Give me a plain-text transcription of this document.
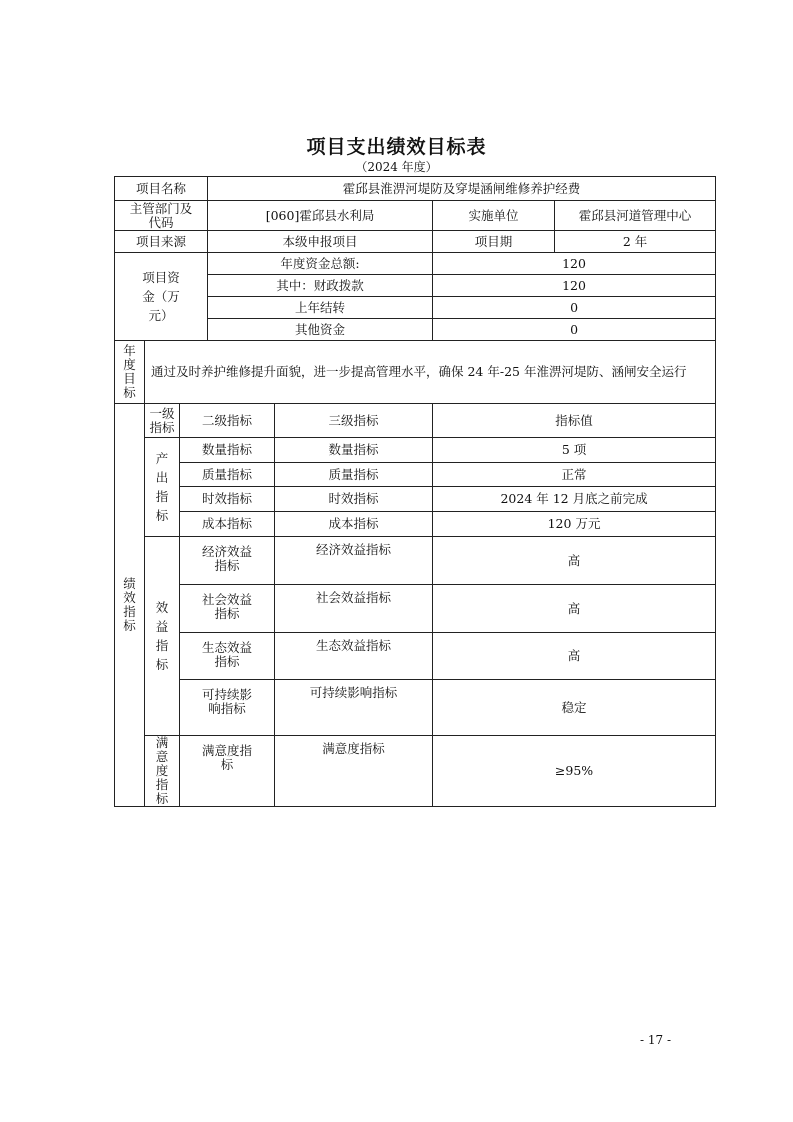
项目支出绩效目标表
（2024 年度）
项目名称			霍邱县淮淠河堤防及穿堤涵闸维修养护经费			
主管部门及代码			[060]霍邱县水利局		实施单位	霍邱县河道管理中心
项目来源			本级申报项目		项目期	2 年
项目资金（万元）			年度资金总额:		120	
			其中：财政拨款		120	
			上年结转		0	
			其他资金		0	
年度目标	通过及时养护维修提升面貌，进一步提高管理水平，确保 24 年-25 年淮淠河堤防、涵闸安全运行					
绩效指标	一级指标	二级指标		三级指标	指标值	
	产出指标	数量指标		数量指标	5 项	
		质量指标		质量指标	正常	
		时效指标		时效指标	2024 年 12 月底之前完成	
		成本指标		成本指标	120 万元	
	效益指标	经济效益指标		经济效益指标	高	
		社会效益指标		社会效益指标	高	
		生态效益指标		生态效益指标	高	
		可持续影响指标		可持续影响指标	稳定	
	满意度指标	满意度指标		满意度指标	≥95%	
- 17 -
